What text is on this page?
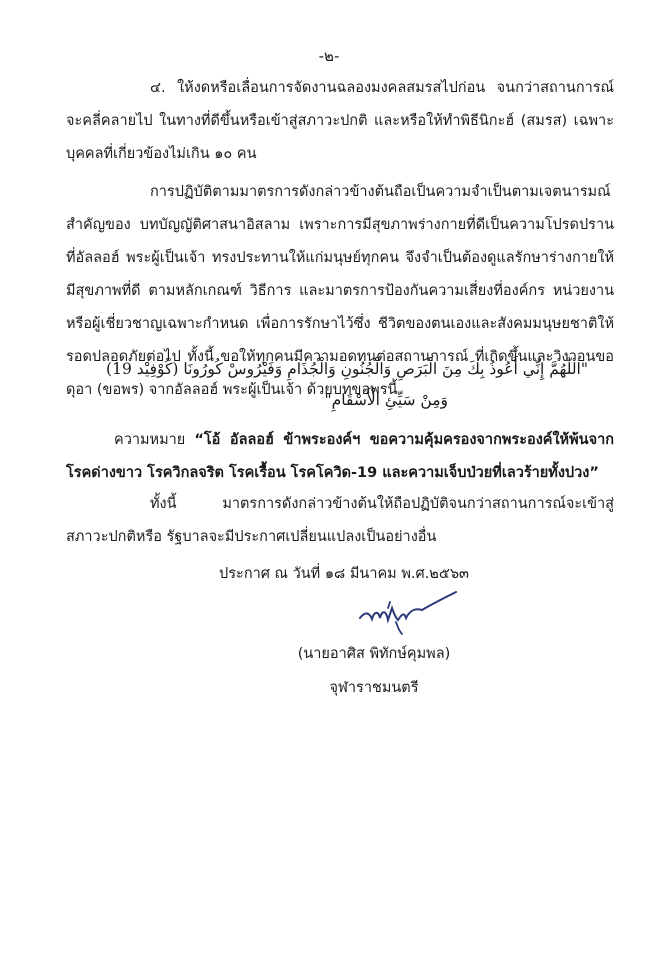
-๒-
๔. ให้งดหรือเลื่อนการจัดงานฉลองมงคลสมรสไปก่อน จนกว่าสถานการณ์จะคลี่คลายไป ในทางที่ดีขึ้นหรือเข้าสู่สภาวะปกติ และหรือให้ทำพิธีนิกะฮ์ (สมรส) เฉพาะบุคคลที่เกี่ยวข้องไม่เกิน ๑๐ คน
การปฏิบัติตามมาตรการดังกล่าวข้างต้นถือเป็นความจำเป็นตามเจตนารมณ์สำคัญของ บทบัญญัติศาสนาอิสลาม เพราะการมีสุขภาพร่างกายที่ดีเป็นความโปรดปรานที่อัลลอฮ์ พระผู้เป็นเจ้า ทรงประทานให้แก่มนุษย์ทุกคน จึงจำเป็นต้องดูแลรักษาร่างกายให้มีสุขภาพที่ดี ตามหลักเกณฑ์ วิธีการ และมาตรการป้องกันความเสี่ยงที่องค์กร หน่วยงาน หรือผู้เชี่ยวชาญเฉพาะกำหนด เพื่อการรักษาไว้ซึ่ง ชีวิตของตนเองและสังคมมนุษยชาติให้รอดปลอดภัยต่อไป ทั้งนี้ ขอให้ทุกคนมีความอดทนต่อสถานการณ์ ที่เกิดขึ้นและวิงวอนขอดุอา (ขอพร) จากอัลลอฮ์ พระผู้เป็นเจ้า ด้วยบทขอพรนี้
"اللّٰهُمَّ إِنِّي أَعُوذُ بِكَ مِنَ الْبَرَصِ وَالْجُنُونِ وَالْجُذَامِ وَفَيْرُوسْ كُورُونَا (كُوْفِيْد 19)
وَمِنْ سَيِّئِ الْأَسْقَامِ"
ความหมาย “โอ้ อัลลอฮ์ ข้าพระองค์ฯ ขอความคุ้มครองจากพระองค์ให้พ้นจากโรคด่างขาว โรควิกลจริต โรคเรื้อน โรคโควิด-19 และความเจ็บป่วยที่เลวร้ายทั้งปวง”
ทั้งนี้ มาตรการดังกล่าวข้างต้นให้ถือปฏิบัติจนกว่าสถานการณ์จะเข้าสู่สภาวะปกติหรือ รัฐบาลจะมีประกาศเปลี่ยนแปลงเป็นอย่างอื่น
ประกาศ ณ วันที่ ๑๘ มีนาคม พ.ศ.๒๕๖๓
(นายอาศิส พิทักษ์คุมพล)
จุฬาราชมนตรี
